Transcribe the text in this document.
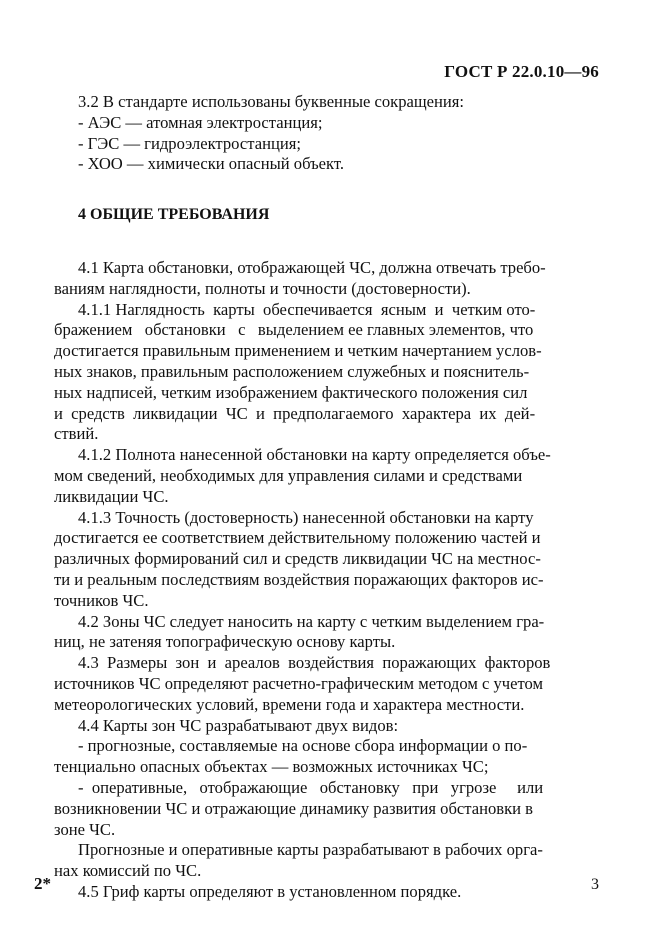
ГОСТ Р 22.0.10—96

3.2 В стандарте использованы буквенные сокращения:

- АЭС — атомная электростанция;
- ГЭС — гидроэлектростанция;
- ХОО — химически опасный объект.
4 ОБЩИЕ ТРЕБОВАНИЯ
4.1 Карта обстановки, отображающей ЧС, должна отвечать требо-
ваниям наглядности, полноты и точности (достоверности).
4.1.1 Наглядность  карты  обеспечивается  ясным  и  четким ото-
бражением   обстановки   с   выделением ее главных элементов, что
достигается правильным применением и четким начертанием услов-
ных знаков, правильным расположением служебных и пояснитель-
ных надписей, четким изображением фактического положения сил
и  средств  ликвидации  ЧС  и  предполагаемого  характера  их  дей-
ствий.
4.1.2 Полнота нанесенной обстановки на карту определяется объе-
мом сведений, необходимых для управления силами и средствами
ликвидации ЧС.
4.1.3 Точность (достоверность) нанесенной обстановки на карту
достигается ее соответствием действительному положению частей и
различных формирований сил и средств ликвидации ЧС на местнос-
ти и реальным последствиям воздействия поражающих факторов ис-
точников ЧС.
4.2 Зоны ЧС следует наносить на карту с четким выделением гра-
ниц, не затеняя топографическую основу карты.
4.3  Размеры  зон  и  ареалов  воздействия  поражающих  факторов
источников ЧС определяют расчетно-графическим методом с учетом
метеорологических условий, времени года и характера местности.
4.4 Карты зон ЧС разрабатывают двух видов:
- прогнозные, составляемые на основе сбора информации о по-
тенциально опасных объектах — возможных источниках ЧС;
-  оперативные,   отображающие   обстановку   при   угрозе     или
возникновении ЧС и отражающие динамику развития обстановки в
зоне ЧС.
Прогнозные и оперативные карты разрабатывают в рабочих орга-
нах комиссий по ЧС.
4.5 Гриф карты определяют в установленном порядке.
2*	3
